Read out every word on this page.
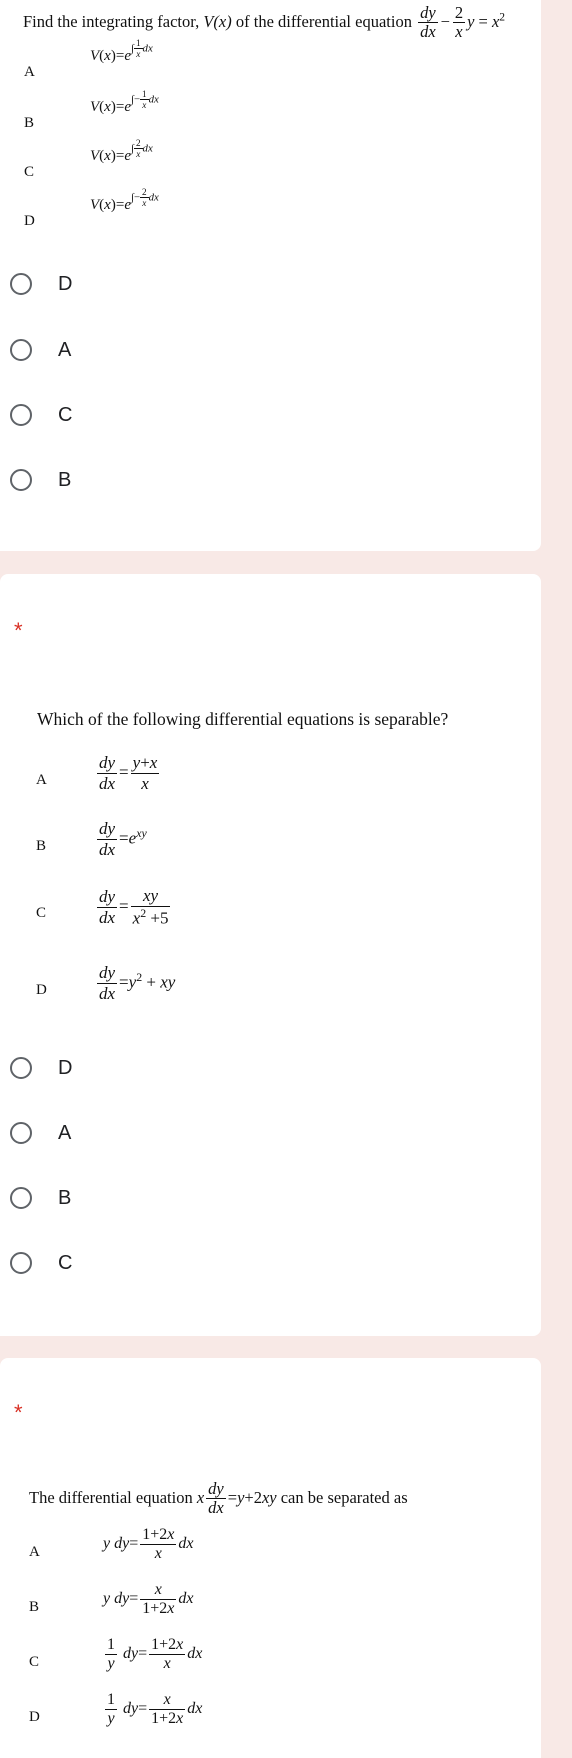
Find the integrating factor, V(x) of the differential equation $\frac{dy}{dx} - \frac{2}{x}$ $y = x^2$
A
$V(x)=e\int \frac{1}{x}$ dx
B
$V(x)=e\int- \frac{1}{x}$ dx
C
$V(x)=e\int \frac{2}{x}$ dx
D
$V(x)=e\int- \frac{2}{x}$ dx
D
A
C
B
*
Which of the following differential equations is separable?
A	$\frac{dy}{dx} = \frac{y+x}{x}$
B	$\frac{dy}{dx} =e^{xy}$
C	$\frac{dy}{dx} = \frac{xy}{x^2 +5}$
D	$\frac{dy}{dx} =y^2$ + xy
D
A
B
C
*
The differential equation x $\frac{dy}{dx} =y+2xy$ can be separated as
A	y $dy= \frac{1+2x}{x}$ dx
B	y $dy= \frac{x}{1+2x}$ dx
C	$\frac{1}{y} dy= \frac{1+2x}{x}$ dx
D	$\frac{1}{y} dy= \frac{x}{1+2x}$ dx
